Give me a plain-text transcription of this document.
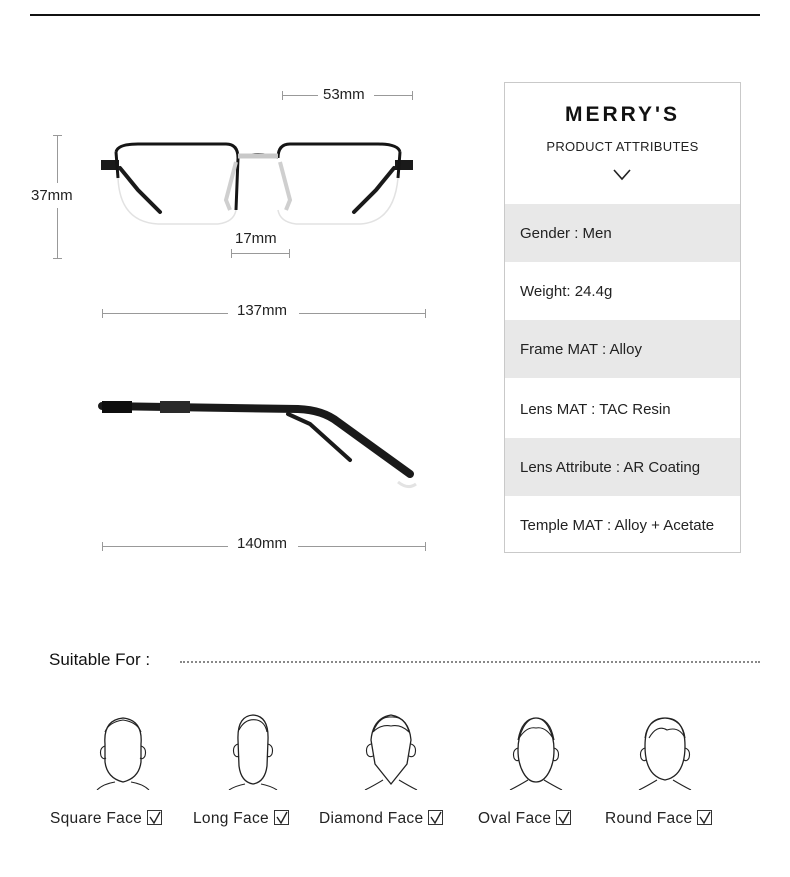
53mm
37mm
17mm
137mm
140mm
MERRY'S
PRODUCT ATTRIBUTES
Gender : Men
Weight: 24.4g
Frame MAT : Alloy
Lens MAT : TAC Resin
Lens Attribute : AR Coating
Temple MAT : Alloy + Acetate
Suitable For :
Square Face	Long Face	Diamond Face	Oval Face	Round Face
